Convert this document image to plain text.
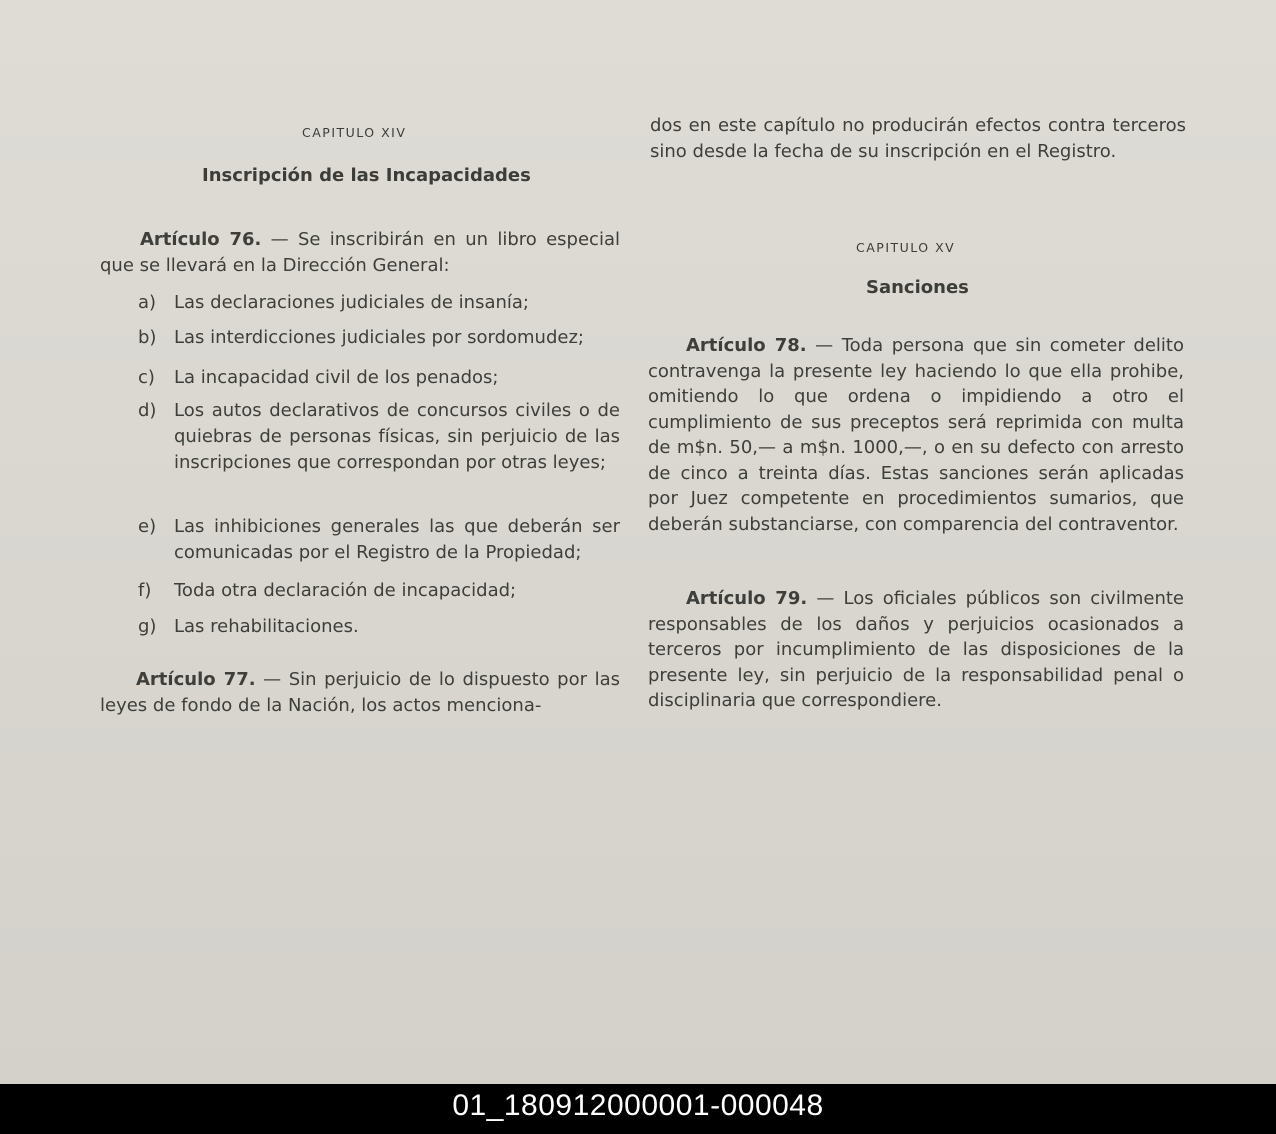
CAPITULO XIV
Inscripción de las Incapacidades
Artículo 76. — Se inscribirán en un libro especial que se llevará en la Dirección General:
a) Las declaraciones judiciales de insanía;
b) Las interdicciones judiciales por sordomudez;
c) La incapacidad civil de los penados;
d) Los autos declarativos de concursos civiles o de quiebras de personas físicas, sin perjuicio de las inscripciones que correspondan por otras leyes;
e) Las inhibiciones generales las que deberán ser comunicadas por el Registro de la Propiedad;
f) Toda otra declaración de incapacidad;
g) Las rehabilitaciones.
Artículo 77. — Sin perjuicio de lo dispuesto por las leyes de fondo de la Nación, los actos menciona-
dos en este capítulo no producirán efectos contra terceros sino desde la fecha de su inscripción en el Registro.
CAPITULO XV
Sanciones
Artículo 78. — Toda persona que sin cometer delito contravenga la presente ley haciendo lo que ella prohibe, omitiendo lo que ordena o impidiendo a otro el cumplimiento de sus preceptos será reprimida con multa de m$n. 50,— a m$n. 1000,—, o en su defecto con arresto de cinco a treinta días. Estas sanciones serán aplicadas por Juez competente en procedimientos sumarios, que deberán substanciarse, con comparencia del contraventor.
Artículo 79. — Los oficiales públicos son civilmente responsables de los daños y perjuicios ocasionados a terceros por incumplimiento de las disposiciones de la presente ley, sin perjuicio de la responsabilidad penal o disciplinaria que correspondiere.
01_180912000001-000048
